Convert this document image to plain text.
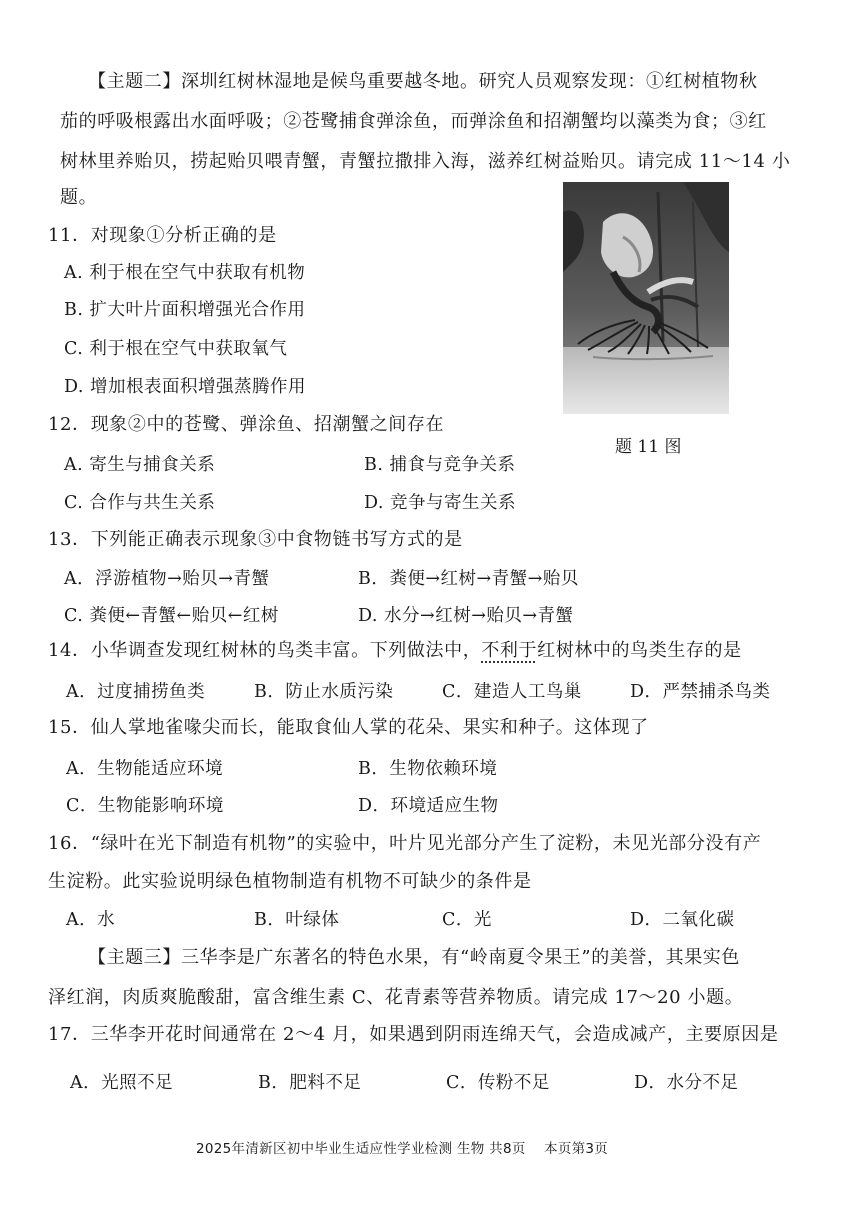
【主题二】深圳红树林湿地是候鸟重要越冬地。研究人员观察发现：①红树植物秋
茄的呼吸根露出水面呼吸；②苍鹭捕食弹涂鱼，而弹涂鱼和招潮蟹均以藻类为食；③红
树林里养贻贝，捞起贻贝喂青蟹，青蟹拉撒排入海，滋养红树益贻贝。请完成 11～14 小
题。
题 11 图
11．对现象①分析正确的是
A. 利于根在空气中获取有机物
B. 扩大叶片面积增强光合作用
C. 利于根在空气中获取氧气
D. 增加根表面积增强蒸腾作用
12．现象②中的苍鹭、弹涂鱼、招潮蟹之间存在
A. 寄生与捕食关系	B. 捕食与竞争关系
C. 合作与共生关系	D. 竞争与寄生关系
13．下列能正确表示现象③中食物链书写方式的是
A．浮游植物→贻贝→青蟹	B．粪便→红树→青蟹→贻贝
C. 粪便←青蟹←贻贝←红树	D. 水分→红树→贻贝→青蟹
14．小华调查发现红树林的鸟类丰富。下列做法中，不利于红树林中的鸟类生存的是
A．过度捕捞鱼类	B．防止水质污染	C．建造人工鸟巢	D．严禁捕杀鸟类
15．仙人掌地雀喙尖而长，能取食仙人掌的花朵、果实和种子。这体现了
A．生物能适应环境	B．生物依赖环境
C．生物能影响环境	D．环境适应生物
16．“绿叶在光下制造有机物”的实验中，叶片见光部分产生了淀粉，未见光部分没有产
生淀粉。此实验说明绿色植物制造有机物不可缺少的条件是
A．水	B．叶绿体	C．光	D．二氧化碳
【主题三】三华李是广东著名的特色水果，有“岭南夏令果王”的美誉，其果实色
泽红润，肉质爽脆酸甜，富含维生素 C、花青素等营养物质。请完成 17～20 小题。
17．三华李开花时间通常在 2～4 月，如果遇到阴雨连绵天气，会造成减产，主要原因是
A．光照不足	B．肥料不足	C．传粉不足	D．水分不足
2025年清新区初中毕业生适应性学业检测 生物 共8页　 本页第3页
